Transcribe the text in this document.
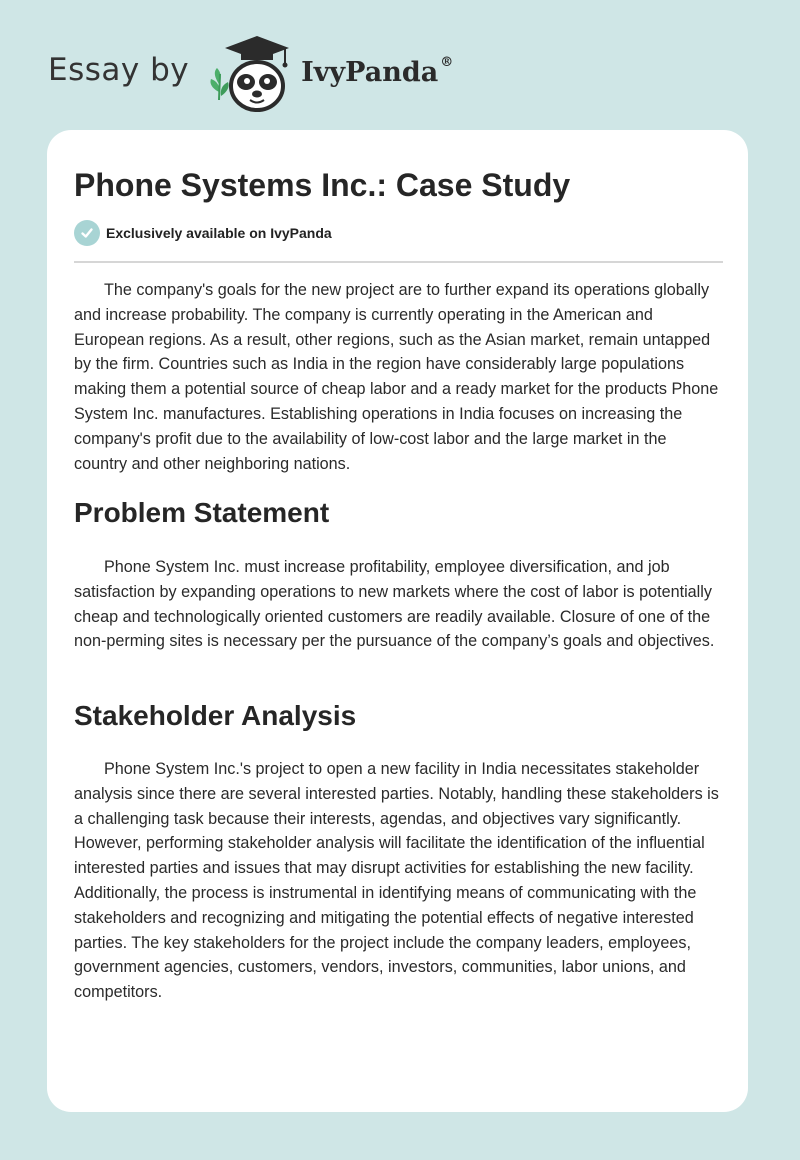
Essay by	IvyPanda ®
Phone Systems Inc.: Case Study
Exclusively available on IvyPanda

The company's goals for the new project are to further expand its operations globally and increase probability. The company is currently operating in the American and European regions. As a result, other regions, such as the Asian market, remain untapped by the firm. Countries such as India in the region have considerably large populations making them a potential source of cheap labor and a ready market for the products Phone System Inc. manufactures. Establishing operations in India focuses on increasing the company's profit due to the availability of low-cost labor and the large market in the country and other neighboring nations.

Problem Statement

Phone System Inc. must increase profitability, employee diversification, and job satisfaction by expanding operations to new markets where the cost of labor is potentially cheap and technologically oriented customers are readily available. Closure of one of the non-perming sites is necessary per the pursuance of the company’s goals and objectives.

Stakeholder Analysis

Phone System Inc.'s project to open a new facility in India necessitates stakeholder analysis since there are several interested parties. Notably, handling these stakeholders is a challenging task because their interests, agendas, and objectives vary significantly. However, performing stakeholder analysis will facilitate the identification of the influential interested parties and issues that may disrupt activities for establishing the new facility. Additionally, the process is instrumental in identifying means of communicating with the stakeholders and recognizing and mitigating the potential effects of negative interested parties. The key stakeholders for the project include the company leaders, employees, government agencies, customers, vendors, investors, communities, labor unions, and competitors.
